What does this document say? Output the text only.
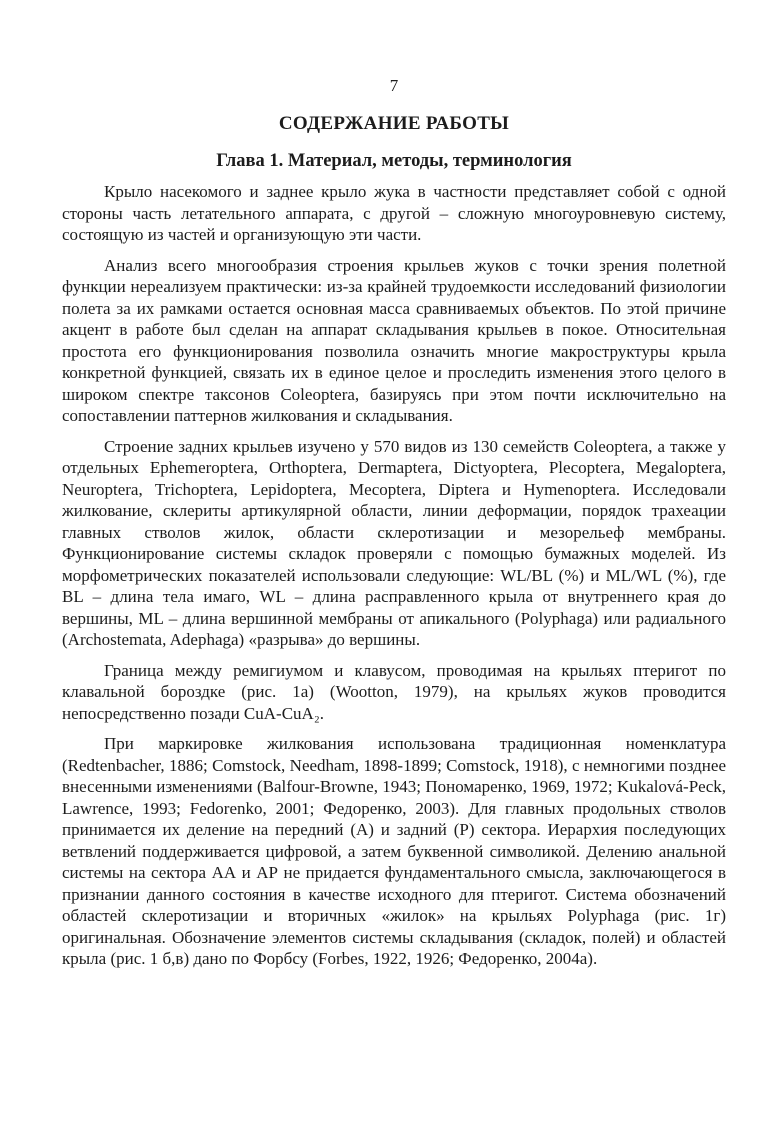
7
СОДЕРЖАНИЕ РАБОТЫ
Глава 1. Материал, методы, терминология

Крыло насекомого и заднее крыло жука в частности представляет собой с одной стороны часть летательного аппарата, с другой – сложную многоуровневую систему, состоящую из частей и организующую эти части.

Анализ всего многообразия строения крыльев жуков с точки зрения полетной функции нереализуем практически: из-за крайней трудоемкости исследований физиологии полета за их рамками остается основная масса сравниваемых объектов. По этой причине акцент в работе был сделан на аппарат складывания крыльев в покое. Относительная простота его функционирования позволила означить многие макроструктуры крыла конкретной функцией, связать их в единое целое и проследить изменения этого целого в широком спектре таксонов Coleoptera, базируясь при этом почти исключительно на сопоставлении паттернов жилкования и складывания.

Строение задних крыльев изучено у 570 видов из 130 семейств Coleoptera, а также у отдельных Ephemeroptera, Orthoptera, Dermaptera, Dictyoptera, Plecoptera, Megaloptera, Neuroptera, Trichoptera, Lepidoptera, Mecoptera, Diptera и Hymenoptera. Исследовали жилкование, склериты артикулярной области, линии деформации, порядок трахеации главных стволов жилок, области склеротизации и мезорельеф мембраны. Функционирование системы складок проверяли с помощью бумажных моделей. Из морфометрических показателей использовали следующие: WL/BL (%) и ML/WL (%), где BL – длина тела имаго, WL – длина расправленного крыла от внутреннего края до вершины, ML – длина вершинной мембраны от апикального (Polyphaga) или радиального (Archostemata, Adephaga) «разрыва» до вершины.

Граница между ремигиумом и клавусом, проводимая на крыльях птеригот по клавальной бороздке (рис. 1а) (Wootton, 1979), на крыльях жуков проводится непосредственно позади CuA-CuA₂.

При маркировке жилкования использована традиционная номенклатура (Redtenbacher, 1886; Comstock, Needham, 1898-1899; Comstock, 1918), с немногими позднее внесенными изменениями (Balfour-Browne, 1943; Пономаренко, 1969, 1972; Kukalová-Peck, Lawrence, 1993; Fedorenko, 2001; Федоренко, 2003). Для главных продольных стволов принимается их деление на передний (А) и задний (Р) сектора. Иерархия последующих ветвлений поддерживается цифровой, а затем буквенной символикой. Делению анальной системы на сектора АА и АР не придается фундаментального смысла, заключающегося в признании данного состояния в качестве исходного для птеригот. Система обозначений областей склеротизации и вторичных «жилок» на крыльях Polyphaga (рис. 1г) оригинальная. Обозначение элементов системы складывания (складок, полей) и областей крыла (рис. 1 б,в) дано по Форбсу (Forbes, 1922, 1926; Федоренко, 2004а).
